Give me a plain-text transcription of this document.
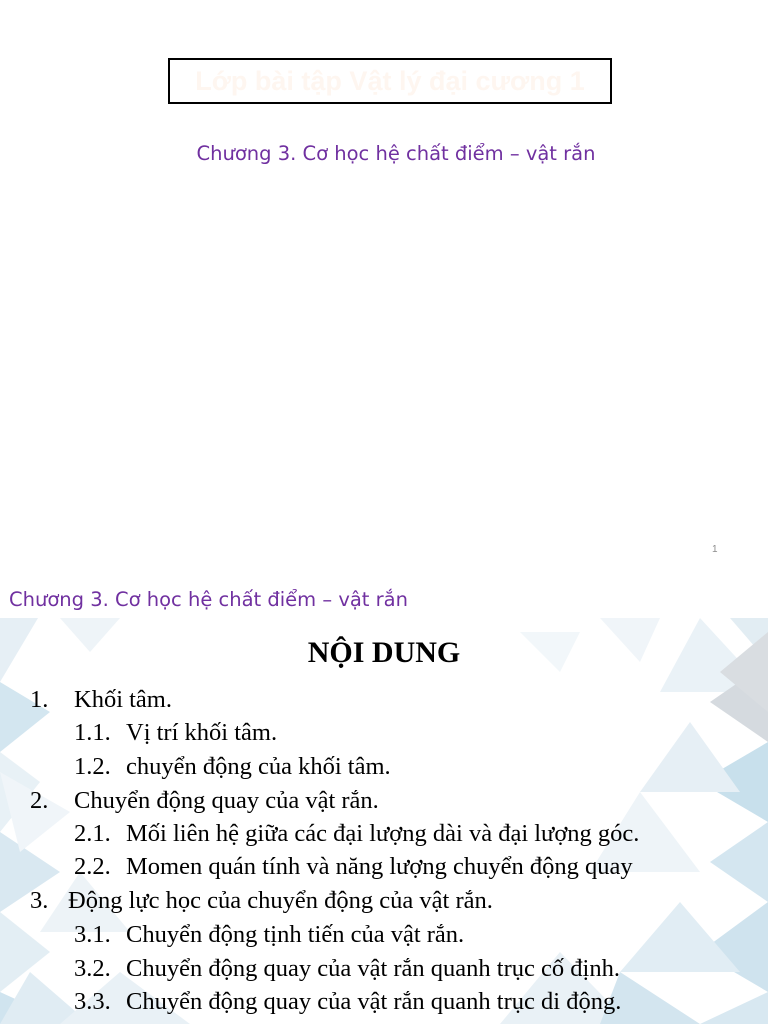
Lớp bài tập Vật lý đại cương 1
Chương 3. Cơ học hệ chất điểm – vật rắn
1
Chương 3. Cơ học hệ chất điểm – vật rắn
NỘI DUNG
1. Khối tâm.
1.1. Vị trí khối tâm.
1.2. chuyển động của khối tâm.
2. Chuyển động quay của vật rắn.
2.1. Mối liên hệ giữa các đại lượng dài và đại lượng góc.
2.2. Momen quán tính và năng lượng chuyển động quay
3. Động lực học của chuyển động của vật rắn.
3.1. Chuyển động tịnh tiến của vật rắn.
3.2. Chuyển động quay của vật rắn quanh trục cố định.
3.3. Chuyển động quay của vật rắn quanh trục di động.
